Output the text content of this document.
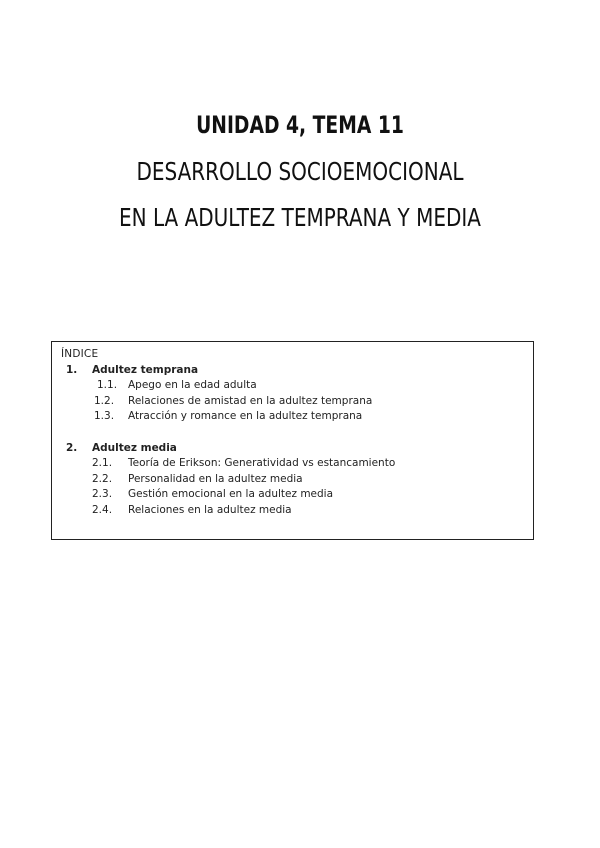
UNIDAD 4, TEMA 11
DESARROLLO SOCIOEMOCIONAL
EN LA ADULTEZ TEMPRANA Y MEDIA
ÍNDICE
1. Adultez temprana
1.1.	Apego en la edad adulta
1.2.	Relaciones de amistad en la adultez temprana
1.3.	Atracción y romance en la adultez temprana
2. Adultez media
2.1.	Teoría de Erikson: Generatividad vs estancamiento
2.2.	Personalidad en la adultez media
2.3.	Gestión emocional en la adultez media
2.4.	Relaciones en la adultez media
